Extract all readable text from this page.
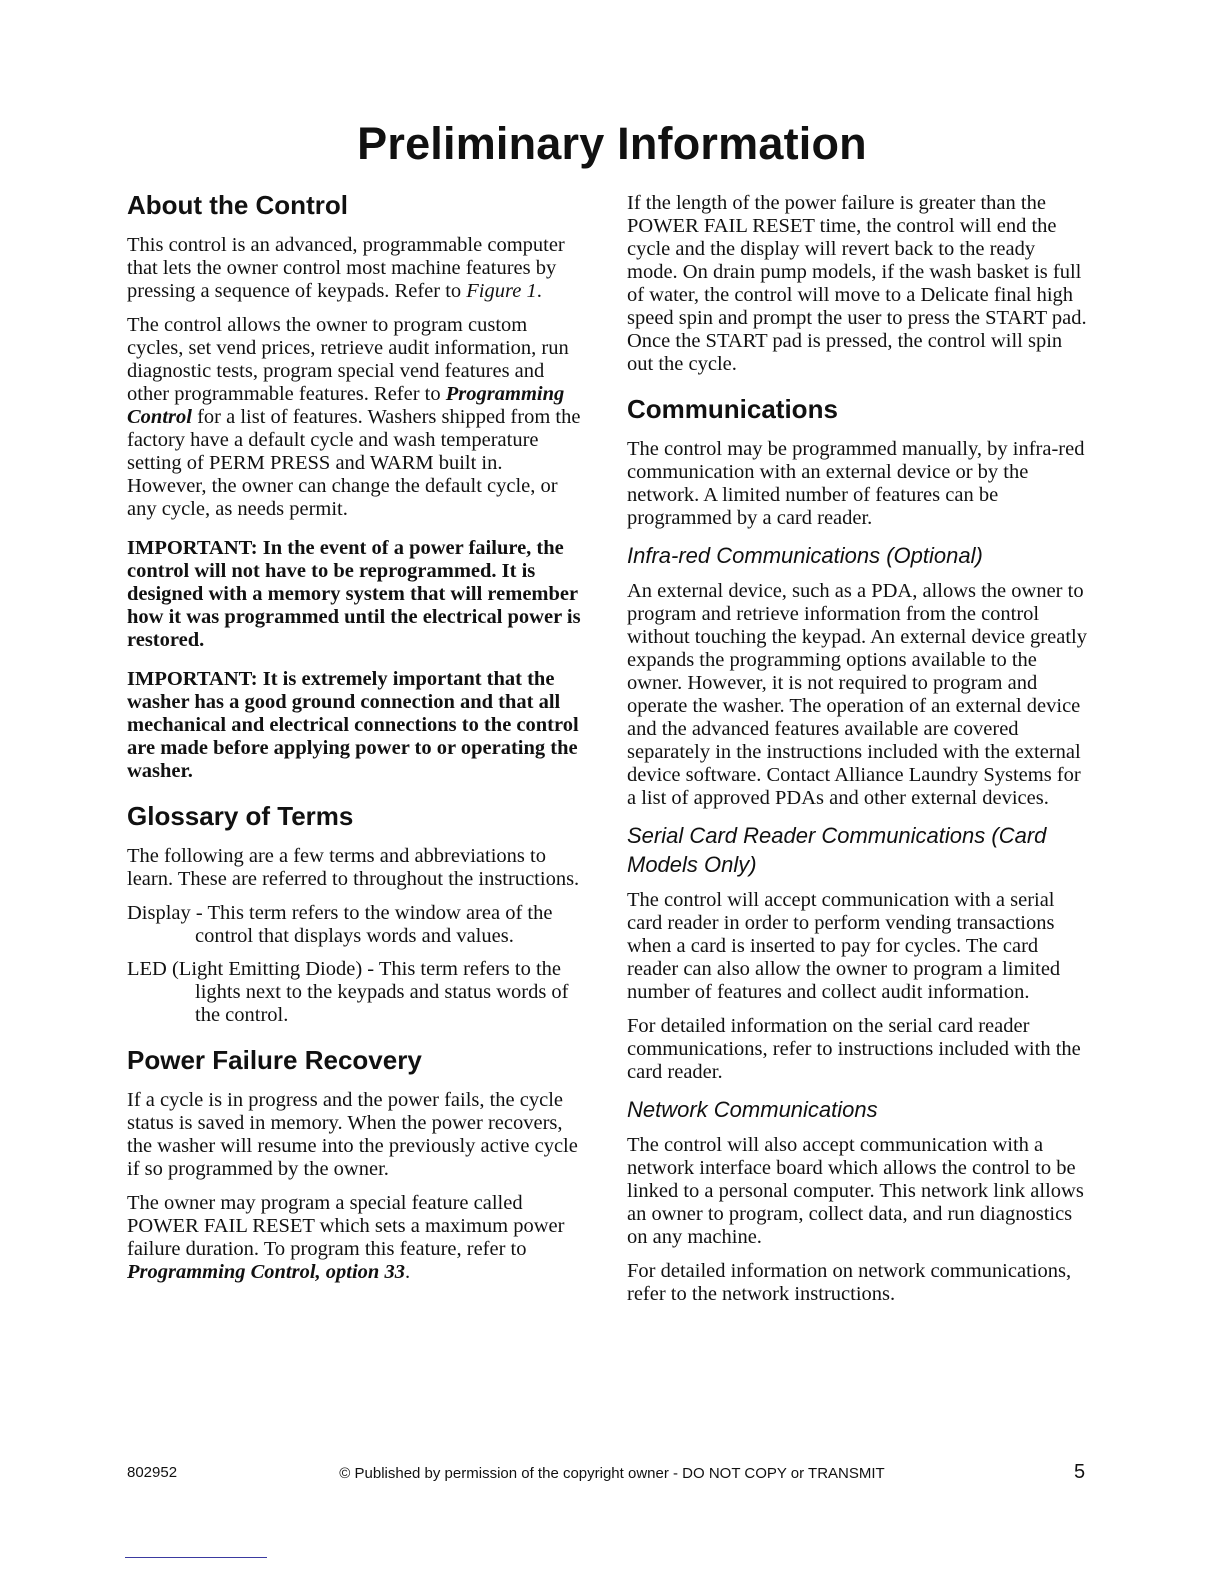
Preliminary Information
About the Control

This control is an advanced, programmable computer that lets the owner control most machine features by pressing a sequence of keypads. Refer to Figure 1.

The control allows the owner to program custom cycles, set vend prices, retrieve audit information, run diagnostic tests, program special vend features and other programmable features. Refer to Programming Control for a list of features. Washers shipped from the factory have a default cycle and wash temperature setting of PERM PRESS and WARM built in. However, the owner can change the default cycle, or any cycle, as needs permit.

IMPORTANT: In the event of a power failure, the control will not have to be reprogrammed. It is designed with a memory system that will remember how it was programmed until the electrical power is restored.

IMPORTANT: It is extremely important that the washer has a good ground connection and that all mechanical and electrical connections to the control are made before applying power to or operating the washer.

Glossary of Terms

The following are a few terms and abbreviations to learn. These are referred to throughout the instructions.

Display - This term refers to the window area of the control that displays words and values.

LED (Light Emitting Diode) - This term refers to the lights next to the keypads and status words of the control.

Power Failure Recovery

If a cycle is in progress and the power fails, the cycle status is saved in memory. When the power recovers, the washer will resume into the previously active cycle if so programmed by the owner.

The owner may program a special feature called POWER FAIL RESET which sets a maximum power failure duration. To program this feature, refer to Programming Control, option 33.

If the length of the power failure is greater than the POWER FAIL RESET time, the control will end the cycle and the display will revert back to the ready mode. On drain pump models, if the wash basket is full of water, the control will move to a Delicate final high speed spin and prompt the user to press the START pad. Once the START pad is pressed, the control will spin out the cycle.

Communications

The control may be programmed manually, by infra-red communication with an external device or by the network. A limited number of features can be programmed by a card reader.

Infra-red Communications (Optional)

An external device, such as a PDA, allows the owner to program and retrieve information from the control without touching the keypad. An external device greatly expands the programming options available to the owner. However, it is not required to program and operate the washer. The operation of an external device and the advanced features available are covered separately in the instructions included with the external device software. Contact Alliance Laundry Systems for a list of approved PDAs and other external devices.

Serial Card Reader Communications (Card Models Only)

The control will accept communication with a serial card reader in order to perform vending transactions when a card is inserted to pay for cycles. The card reader can also allow the owner to program a limited number of features and collect audit information.

For detailed information on the serial card reader communications, refer to instructions included with the card reader.

Network Communications

The control will also accept communication with a network interface board which allows the control to be linked to a personal computer. This network link allows an owner to program, collect data, and run diagnostics on any machine.

For detailed information on network communications, refer to the network instructions.

802952	© Published by permission of the copyright owner - DO NOT COPY or TRANSMIT	5
